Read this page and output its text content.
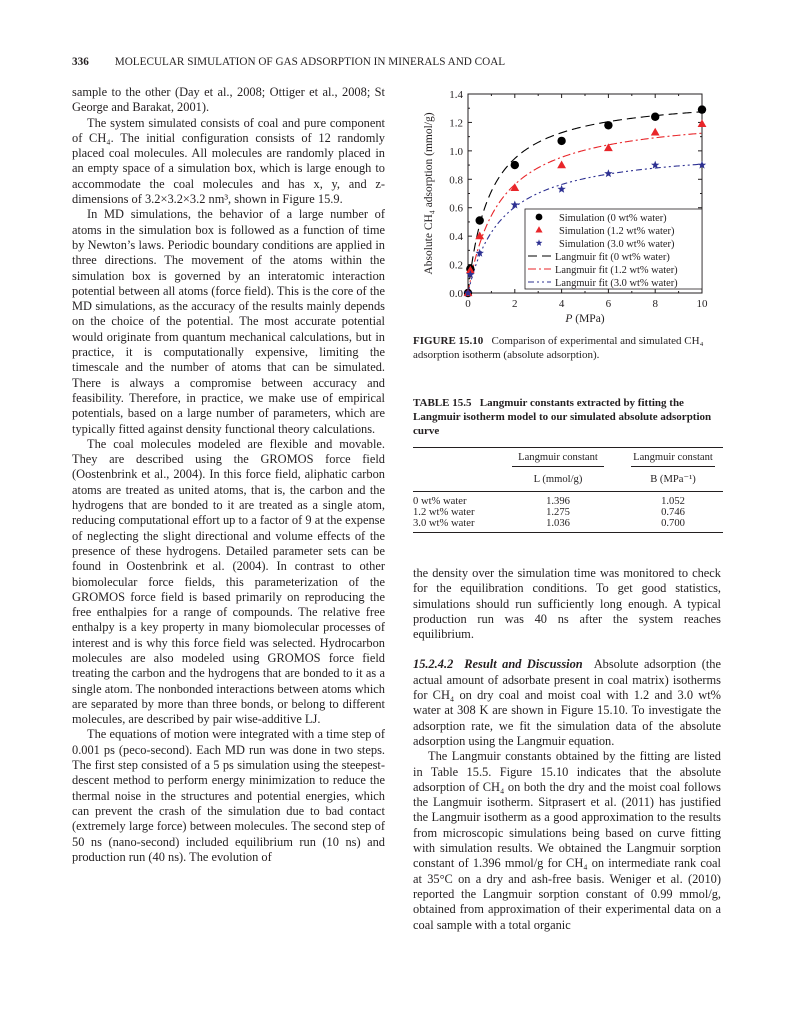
336 MOLECULAR SIMULATION OF GAS ADSORPTION IN MINERALS AND COAL

sample to the other (Day et al., 2008; Ottiger et al., 2008; St George and Barakat, 2001).

The system simulated consists of coal and pure component of CH₄. The initial configuration consists of 12 randomly placed coal molecules. All molecules are randomly placed in an empty space of a simulation box, which is large enough to accommodate the coal molecules and has x, y, and z-dimensions of 3.2×3.2×3.2 nm³, shown in Figure 15.9.

In MD simulations, the behavior of a large number of atoms in the simulation box is followed as a function of time by Newton’s laws. Periodic boundary conditions are applied in three directions. The movement of the atoms within the simulation box is governed by an interatomic interaction potential between all atoms (force field). This is the core of the MD simulations, as the accuracy of the results mainly depends on the choice of the potential. The most accurate potential would originate from quantum mechanical calculations, but in practice, it is computationally expensive, limiting the timescale and the number of atoms that can be simulated. There is always a compromise between accuracy and feasibility. Therefore, in practice, we make use of empirical potentials, based on a large number of parameters, which are typically fitted against density functional theory calculations.

The coal molecules modeled are flexible and movable. They are described using the GROMOS force field (Oostenbrink et al., 2004). In this force field, aliphatic carbon atoms are treated as united atoms, that is, the carbon and the hydrogens that are bonded to it are treated as a single atom, reducing computational effort up to a factor of 9 at the expense of neglecting the slight directional and volume effects of the presence of these hydrogens. Detailed parameter sets can be found in Oostenbrink et al. (2004). In contrast to other biomolecular force fields, this parameterization of the GROMOS force field is based primarily on reproducing the free enthalpies for a range of compounds. The relative free enthalpy is a key property in many biomolecular processes of interest and is why this force field was selected. Hydrocarbon molecules are also modeled using GROMOS force field treating the carbon and the hydrogens that are bonded to it as a single atom. The nonbonded interactions between atoms which are separated by more than three bonds, or belong to different molecules, are described by pair wise-additive LJ.

The equations of motion were integrated with a time step of 0.001 ps (peco-second). Each MD run was done in two steps. The first step consisted of a 5 ps simulation using the steepest-descent method to perform energy minimization to reduce the thermal noise in the structures and potential energies, which can prevent the crash of the simulation due to bad contact (extremely large force) between molecules. The second step of 50 ns (nano-second) included equilibrium run (10 ns) and production run (40 ns). The evolution of

0	2	4	6	8	10
0.0
0.2
0.4
0.6
0.8
1.0
1.2
1.4
P (MPa)
Absolute CH₄ adsorption (mmol/g)	Simulation (0 wt% water)
Simulation (1.2 wt% water)
Simulation (3.0 wt% water)
Langmuir fit (0 wt% water)
Langmuir fit (1.2 wt% water)
Langmuir fit (3.0 wt% water)
FIGURE 15.10 Comparison of experimental and simulated CH₄ adsorption isotherm (absolute adsorption).
TABLE 15.5 Langmuir constants extracted by fitting the Langmuir isotherm model to our simulated absolute adsorption curve
	Langmuir constant		Langmuir constant
	L (mmol/g)		B (MPa⁻¹)
0 wt% water	1.396		1.052
1.2 wt% water	1.275		0.746
3.0 wt% water	1.036		0.700

the density over the simulation time was monitored to check for the equilibration conditions. To get good statistics, simulations should run sufficiently long enough. A typical production run was 40 ns after the system reaches equilibrium.

15.2.4.2 Result and Discussion Absolute adsorption (the actual amount of adsorbate present in coal matrix) isotherms for CH₄ on dry coal and moist coal with 1.2 and 3.0 wt% water at 308 K are shown in Figure 15.10. To investigate the adsorption rate, we fit the simulation data of the absolute adsorption using the Langmuir equation.

The Langmuir constants obtained by the fitting are listed in Table 15.5. Figure 15.10 indicates that the absolute adsorption of CH₄ on both the dry and the moist coal follows the Langmuir isotherm. Sitprasert et al. (2011) has justified the Langmuir isotherm as a good approximation to the results from microscopic simulations being based on curve fitting with simulation results. We obtained the Langmuir sorption constant of 1.396 mmol/g for CH₄ on intermediate rank coal at 35°C on a dry and ash-free basis. Weniger et al. (2010) reported the Langmuir sorption constant of 0.99 mmol/g, obtained from approximation of their experimental data on a coal sample with a total organic
